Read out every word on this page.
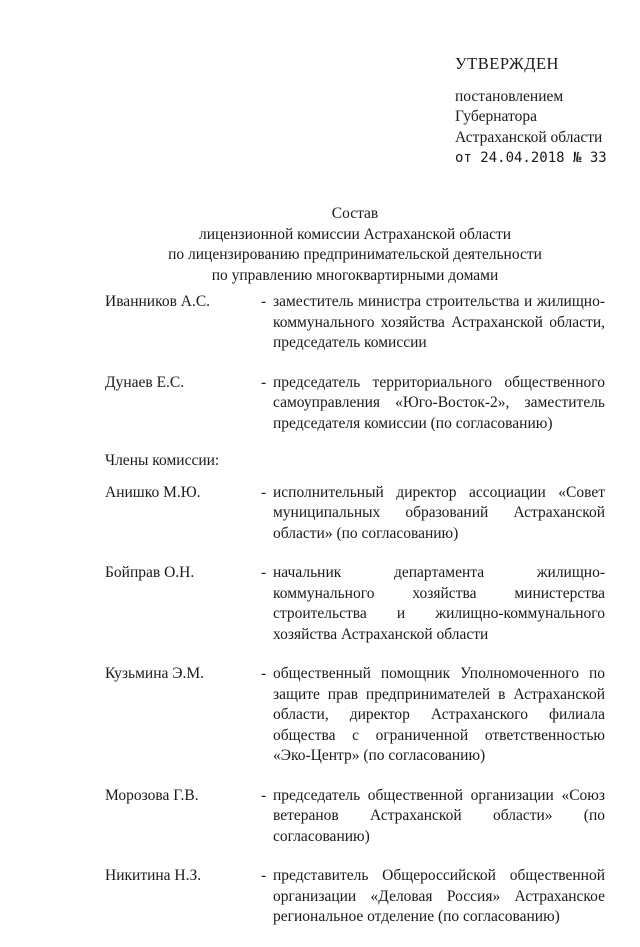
УТВЕРЖДЕН
постановлением
Губернатора
Астраханской области
от 24.04.2018 № 33
Состав
лицензионной комиссии Астраханской области
по лицензированию предпринимательской деятельности
по управлению многоквартирными домами
Иванников А.С.	- заместитель министра строительства и жилищно-коммунального хозяйства Астраханской области, председатель комиссии
Дунаев Е.С.	- председатель территориального общественного самоуправления «Юго-Восток-2», заместитель председателя комиссии (по согласованию)
Члены комиссии:
Анишко М.Ю.	- исполнительный директор ассоциации «Совет муниципальных образований Астраханской области» (по согласованию)
Бойправ О.Н.	- начальник департамента жилищно-коммунального хозяйства министерства строительства и жилищно-коммунального хозяйства Астраханской области
Кузьмина Э.М.	- общественный помощник Уполномоченного по защите прав предпринимателей в Астраханской области, директор Астраханского филиала общества с ограниченной ответственностью «Эко-Центр» (по согласованию)
Морозова Г.В.	- председатель общественной организации «Союз ветеранов Астраханской области» (по согласованию)
Никитина Н.З.	- представитель Общероссийской общественной организации «Деловая Россия» Астраханское региональное отделение (по согласованию)
